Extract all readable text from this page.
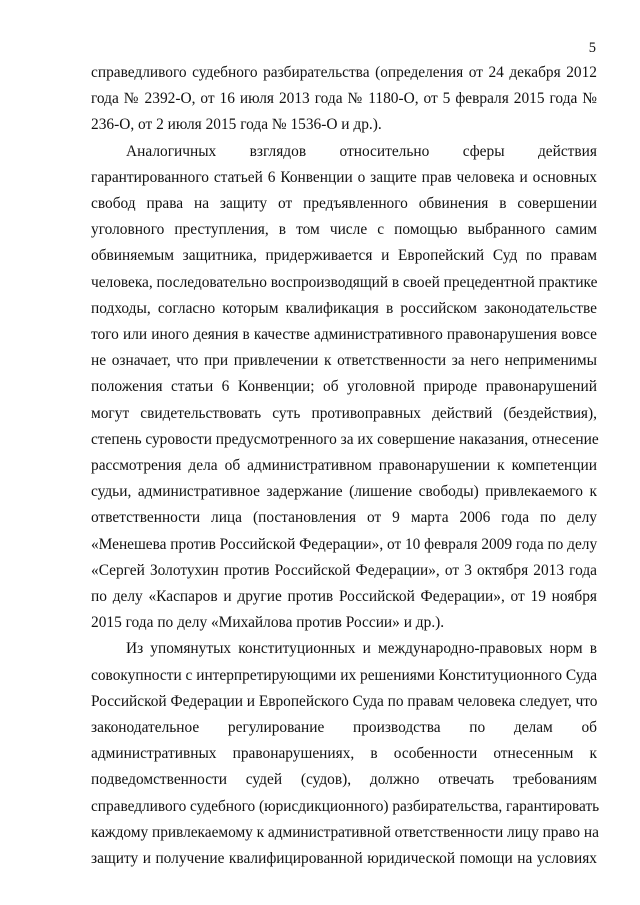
5
справедливого судебного разбирательства (определения от 24 декабря 2012
года № 2392-О, от 16 июля 2013 года № 1180-О, от 5 февраля 2015 года №
236-О, от 2 июля 2015 года № 1536-О и др.).
Аналогичных взглядов относительно сферы действия
гарантированного статьей 6 Конвенции о защите прав человека и основных
свобод права на защиту от предъявленного обвинения в совершении
уголовного преступления, в том числе с помощью выбранного самим
обвиняемым защитника, придерживается и Европейский Суд по правам
человека, последовательно воспроизводящий в своей прецедентной практике
подходы, согласно которым квалификация в российском законодательстве
того или иного деяния в качестве административного правонарушения вовсе
не означает, что при привлечении к ответственности за него неприменимы
положения статьи 6 Конвенции; об уголовной природе правонарушений
могут свидетельствовать суть противоправных действий (бездействия),
степень суровости предусмотренного за их совершение наказания, отнесение
рассмотрения дела об административном правонарушении к компетенции
судьи, административное задержание (лишение свободы) привлекаемого к
ответственности лица (постановления от 9 марта 2006 года по делу
«Менешева против Российской Федерации», от 10 февраля 2009 года по делу
«Сергей Золотухин против Российской Федерации», от 3 октября 2013 года
по делу «Каспаров и другие против Российской Федерации», от 19 ноября
2015 года по делу «Михайлова против России» и др.).
Из упомянутых конституционных и международно-правовых норм в
совокупности с интерпретирующими их решениями Конституционного Суда
Российской Федерации и Европейского Суда по правам человека следует, что
законодательное регулирование производства по делам об
административных правонарушениях, в особенности отнесенным к
подведомственности судей (судов), должно отвечать требованиям
справедливого судебного (юрисдикционного) разбирательства, гарантировать
каждому привлекаемому к административной ответственности лицу право на
защиту и получение квалифицированной юридической помощи на условиях
